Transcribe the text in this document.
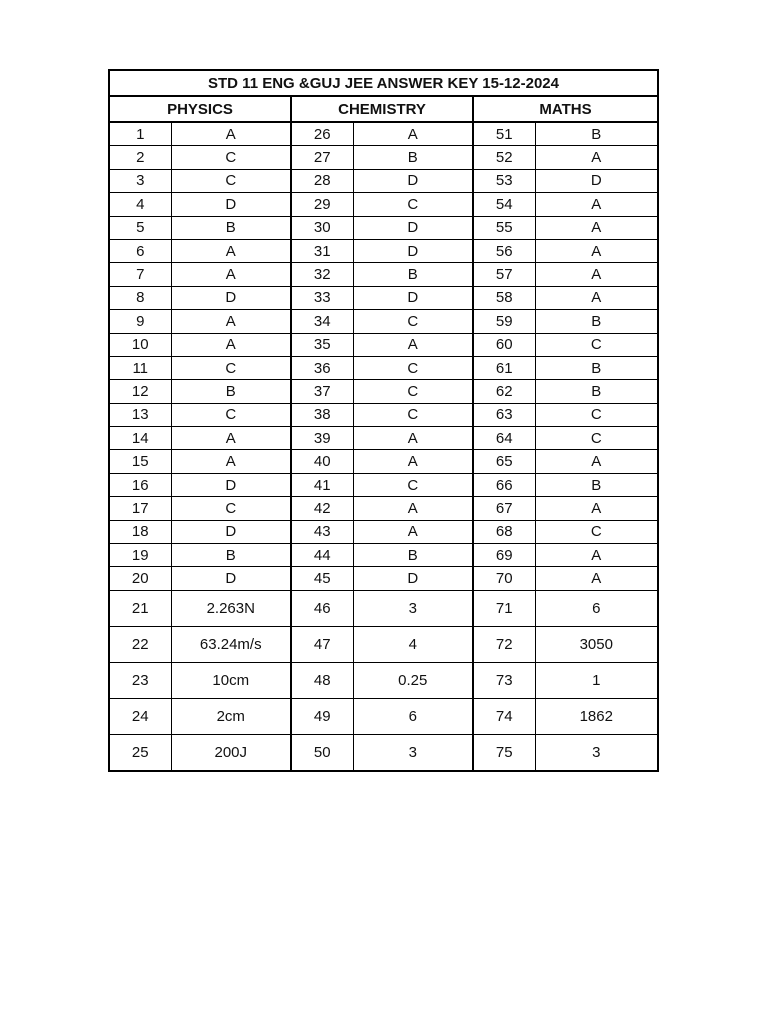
STD 11 ENG &GUJ JEE ANSWER KEY 15-12-2024					
PHYSICS		CHEMISTRY		MATHS	
1	A	26	A	51	B
2	C	27	B	52	A
3	C	28	D	53	D
4	D	29	C	54	A
5	B	30	D	55	A
6	A	31	D	56	A
7	A	32	B	57	A
8	D	33	D	58	A
9	A	34	C	59	B
10	A	35	A	60	C
11	C	36	C	61	B
12	B	37	C	62	B
13	C	38	C	63	C
14	A	39	A	64	C
15	A	40	A	65	A
16	D	41	C	66	B
17	C	42	A	67	A
18	D	43	A	68	C
19	B	44	B	69	A
20	D	45	D	70	A
21	2.263N	46	3	71	6
22	63.24m/s	47	4	72	3050
23	10cm	48	0.25	73	1
24	2cm	49	6	74	1862
25	200J	50	3	75	3
